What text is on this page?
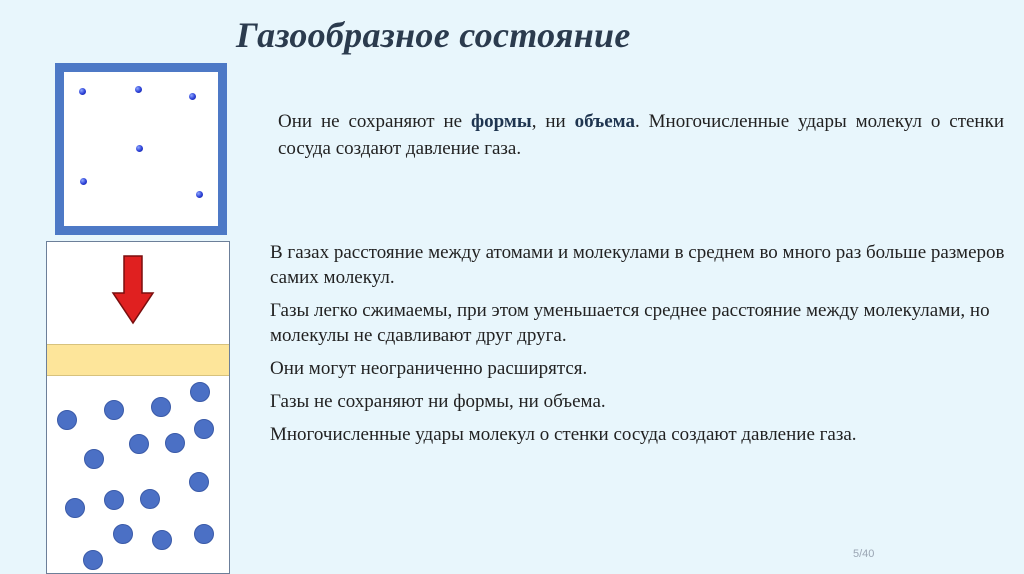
Газообразное состояние
Они не сохраняют не формы, ни объема. Многочисленные удары молекул о стенки сосуда создают давление газа.

В газах расстояние между атомами и молекулами в среднем во много раз больше размеров самих молекул.

Газы легко сжимаемы, при этом уменьшается среднее расстояние между молекулами, но молекулы не сдавливают друг друга.

Они могут неограниченно расширятся.

Газы не сохраняют ни формы, ни объема.

Многочисленные удары молекул о стенки сосуда создают давление газа.

5/40
